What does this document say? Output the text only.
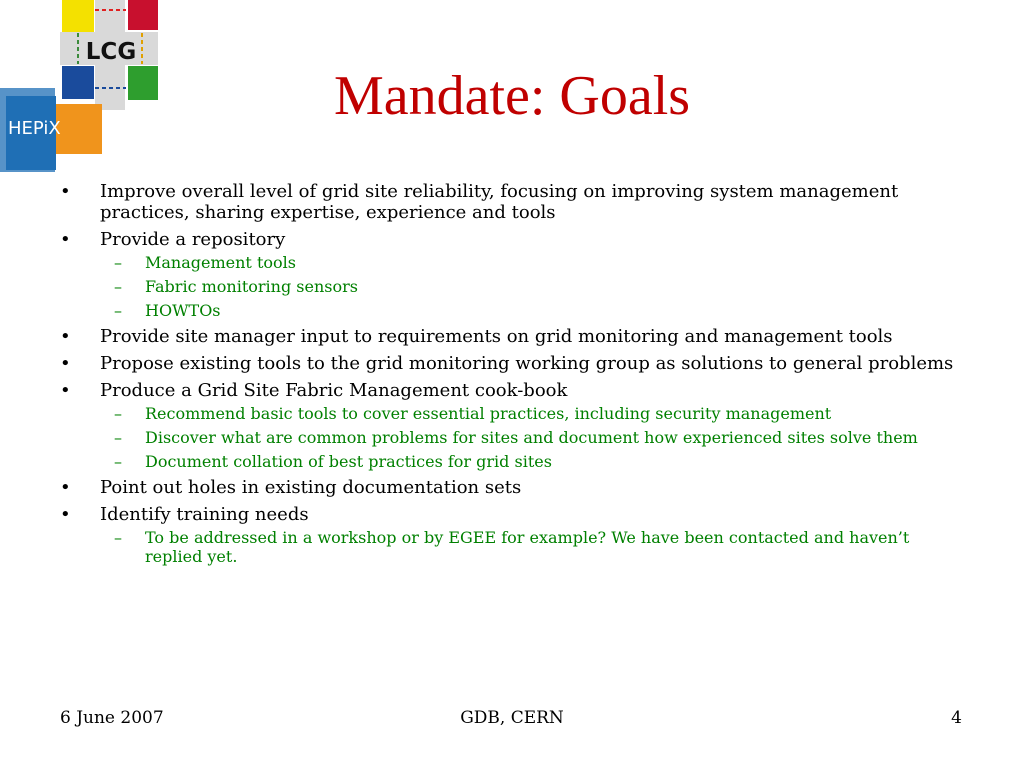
LCG
HEPiX
Mandate: Goals
• Improve overall level of grid site reliability, focusing on improving system management practices, sharing expertise, experience and tools
• Provide a repository
– Management tools
– Fabric monitoring sensors
– HOWTOs
• Provide site manager input to requirements on grid monitoring and management tools
• Propose existing tools to the grid monitoring working group as solutions to general problems
• Produce a Grid Site Fabric Management cook-book
– Recommend basic tools to cover essential practices, including security management
– Discover what are common problems for sites and document how experienced sites solve them
– Document collation of best practices for grid sites
• Point out holes in existing documentation sets
• Identify training needs
– To be addressed in a workshop or by EGEE for example? We have been contacted and haven’t replied yet.
6 June 2007	GDB, CERN	4
